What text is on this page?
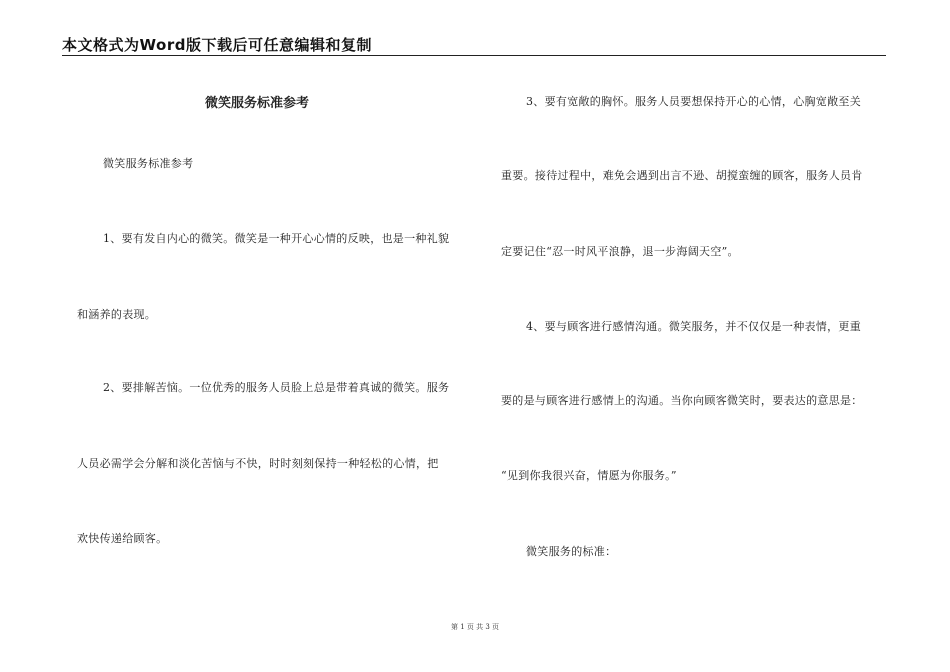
本文格式为Word版下载后可任意编辑和复制
微笑服务标准参考
微笑服务标准参考
1、要有发自内心的微笑。微笑是一种开心心情的反映，也是一种礼貌
和涵养的表现。
2、要排解苦恼。一位优秀的服务人员脸上总是带着真诚的微笑。服务
人员必需学会分解和淡化苦恼与不快，时时刻刻保持一种轻松的心情，把
欢快传递给顾客。
3、要有宽敞的胸怀。服务人员要想保持开心的心情，心胸宽敞至关
重要。接待过程中，难免会遇到出言不逊、胡搅蛮缠的顾客，服务人员肯
定要记住“忍一时风平浪静，退一步海阔天空”。
4、要与顾客进行感情沟通。微笑服务，并不仅仅是一种表情，更重
要的是与顾客进行感情上的沟通。当你向顾客微笑时，要表达的意思是：
“见到你我很兴奋，情愿为你服务。”
微笑服务的标准：
第 1 页 共 3 页
